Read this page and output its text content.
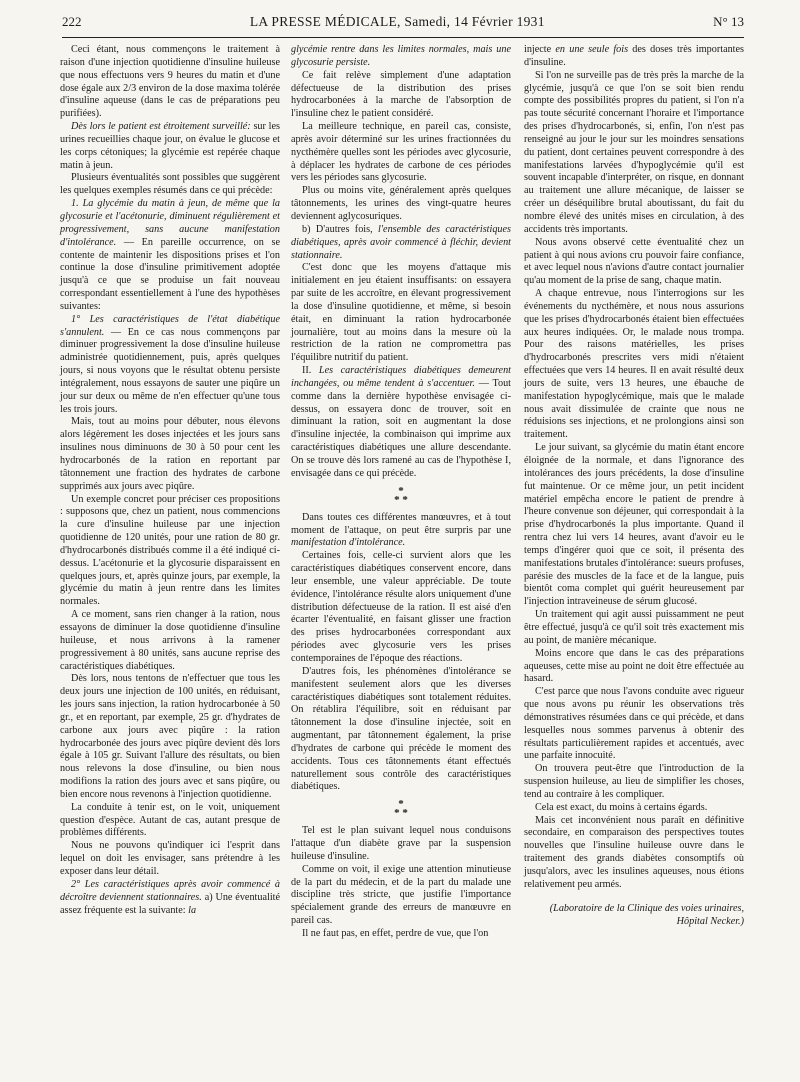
222	LA PRESSE MÉDICALE, Samedi, 14 Février 1931	N° 13

Ceci étant, nous commençons le traitement à raison d'une injection quotidienne d'insuline huileuse que nous effectuons vers 9 heures du matin et d'une dose égale aux 2/3 environ de la dose maxima tolérée d'insuline aqueuse (dans le cas de préparations peu purifiées).

Dès lors le patient est étroitement surveillé: sur les urines recueillies chaque jour, on évalue le glucose et les corps cétoniques; la glycémie est repérée chaque matin à jeun.

Plusieurs éventualités sont possibles que suggèrent les quelques exemples résumés dans ce qui précède:

1. La glycémie du matin à jeun, de même que la glycosurie et l'acétonurie, diminuent régulièrement et progressivement, sans aucune manifestation d'intolérance. — En pareille occurrence, on se contente de maintenir les dispositions prises et l'on continue la dose d'insuline primitivement adoptée jusqu'à ce que se produise un fait nouveau correspondant essentiellement à l'une des hypothèses suivantes:

1° Les caractéristiques de l'état diabétique s'annulent. — En ce cas nous commençons par diminuer progressivement la dose d'insuline huileuse administrée quotidiennement, puis, après quelques jours, si nous voyons que le résultat obtenu persiste intégralement, nous essayons de sauter une piqûre un jour sur deux ou même de n'en effectuer qu'une tous les trois jours.

Mais, tout au moins pour débuter, nous élevons alors légèrement les doses injectées et les jours sans insulines nous diminuons de 30 à 50 pour cent les hydrocarbonés de la ration en reportant par tâtonnement une fraction des hydrates de carbone supprimés aux jours avec piqûre.

Un exemple concret pour préciser ces propositions : supposons que, chez un patient, nous commencions la cure d'insuline huileuse par une injection quotidienne de 120 unités, pour une ration de 80 gr. d'hydrocarbonés distribués comme il a été indiqué ci-dessus. L'acétonurie et la glycosurie disparaissent en quelques jours, et, après quinze jours, par exemple, la glycémie du matin à jeun rentre dans les limites normales.

A ce moment, sans rien changer à la ration, nous essayons de diminuer la dose quotidienne d'insuline huileuse, et nous arrivons à la ramener progressivement à 80 unités, sans aucune reprise des caractéristiques diabétiques.

Dès lors, nous tentons de n'effectuer que tous les deux jours une injection de 100 unités, en réduisant, les jours sans injection, la ration hydrocarbonée à 50 gr., et en reportant, par exemple, 25 gr. d'hydrates de carbone aux jours avec piqûre : la ration hydrocarbonée des jours avec piqûre devient dès lors égale à 105 gr. Suivant l'allure des résultats, ou bien nous relevons la dose d'insuline, ou bien nous modifions la ration des jours avec et sans piqûre, ou bien encore nous revenons à l'injection quotidienne.

La conduite à tenir est, on le voit, uniquement question d'espèce. Autant de cas, autant presque de problèmes différents.

Nous ne pouvons qu'indiquer ici l'esprit dans lequel on doit les envisager, sans prétendre à les exposer dans leur détail.

2° Les caractéristiques après avoir commencé à décroître deviennent stationnaires. a) Une éventualité assez fréquente est la suivante: la

glycémie rentre dans les limites normales, mais une glycosurie persiste.

Ce fait relève simplement d'une adaptation défectueuse de la distribution des prises hydrocarbonées à la marche de l'absorption de l'insuline chez le patient considéré.

La meilleure technique, en pareil cas, consiste, après avoir déterminé sur les urines fractionnées du nycthémère quelles sont les périodes avec glycosurie, à déplacer les hydrates de carbone de ces périodes vers les périodes sans glycosurie.

Plus ou moins vite, généralement après quelques tâtonnements, les urines des vingt-quatre heures deviennent aglycosuriques.

b) D'autres fois, l'ensemble des caractéristiques diabétiques, après avoir commencé à fléchir, devient stationnaire.

C'est donc que les moyens d'attaque mis initialement en jeu étaient insuffisants: on essayera par suite de les accroître, en élevant progressivement la dose d'insuline quotidienne, et même, si besoin était, en diminuant la ration hydrocarbonée journalière, tout au moins dans la mesure où la restriction de la ration ne compromettra pas l'équilibre nutritif du patient.

II. Les caractéristiques diabétiques demeurent inchangées, ou même tendent à s'accentuer. — Tout comme dans la dernière hypothèse envisagée ci-dessus, on essayera donc de trouver, soit en diminuant la ration, soit en augmentant la dose d'insuline injectée, la combinaison qui imprime aux caractéristiques diabétiques une allure descendante. On se trouve dès lors ramené au cas de l'hypothèse I, envisagée dans ce qui précède.

*
* *

Dans toutes ces différentes manœuvres, et à tout moment de l'attaque, on peut être surpris par une manifestation d'intolérance.

Certaines fois, celle-ci survient alors que les caractéristiques diabétiques conservent encore, dans leur ensemble, une valeur appréciable. De toute évidence, l'intolérance résulte alors uniquement d'une distribution défectueuse de la ration. Il est aisé d'en écarter l'éventualité, en faisant glisser une fraction des prises hydrocarbonées correspondant aux périodes avec glycosurie vers les prises contemporaines de l'époque des réactions.

D'autres fois, les phénomènes d'intolérance se manifestent seulement alors que les diverses caractéristiques diabétiques sont totalement réduites. On rétablira l'équilibre, soit en réduisant par tâtonnement la dose d'insuline injectée, soit en augmentant, par tâtonnement également, la prise d'hydrates de carbone qui précède le moment des accidents. Tous ces tâtonnements étant effectués naturellement sous contrôle des caractéristiques diabétiques.

*
* *

Tel est le plan suivant lequel nous conduisons l'attaque d'un diabète grave par la suspension huileuse d'insuline.

Comme on voit, il exige une attention minutieuse de la part du médecin, et de la part du malade une discipline très stricte, que justifie l'importance spécialement grande des erreurs de manœuvre en pareil cas.

Il ne faut pas, en effet, perdre de vue, que l'on

injecte en une seule fois des doses très importantes d'insuline.

Si l'on ne surveille pas de très près la marche de la glycémie, jusqu'à ce que l'on se soit bien rendu compte des possibilités propres du patient, si l'on n'a pas toute sécurité concernant l'horaire et l'importance des prises d'hydrocarbonés, si, enfin, l'on n'est pas renseigné au jour le jour sur les moindres sensations du patient, dont certaines peuvent correspondre à des manifestations larvées d'hypoglycémie qu'il est souvent incapable d'interpréter, on risque, en donnant au traitement une allure mécanique, de laisser se créer un déséquilibre brutal aboutissant, du fait du nombre élevé des unités mises en circulation, à des accidents très importants.

Nous avons observé cette éventualité chez un patient à qui nous avions cru pouvoir faire confiance, et avec lequel nous n'avions d'autre contact journalier qu'au moment de la prise de sang, chaque matin.

A chaque entrevue, nous l'interrogions sur les événements du nycthémère, et nous nous assurions que les prises d'hydrocarbonés étaient bien effectuées aux heures indiquées. Or, le malade nous trompa. Pour des raisons matérielles, les prises d'hydrocarbonés prescrites vers midi n'étaient effectuées que vers 14 heures. Il en avait résulté deux jours de suite, vers 13 heures, une ébauche de manifestation hypoglycémique, mais que le malade nous avait dissimulée de crainte que nous ne réduisions ses injections, et ne prolongions ainsi son traitement.

Le jour suivant, sa glycémie du matin étant encore éloignée de la normale, et dans l'ignorance des intolérances des jours précédents, la dose d'insuline fut maintenue. Or ce même jour, un petit incident matériel empêcha encore le patient de prendre à l'heure convenue son déjeuner, qui correspondait à la prise d'hydrocarbonés la plus importante. Quand il rentra chez lui vers 14 heures, avant d'avoir eu le temps d'ingérer quoi que ce soit, il présenta des manifestations brutales d'intolérance: sueurs profuses, parésie des muscles de la face et de la langue, puis bientôt coma complet qui guérit heureusement par l'injection intraveineuse de sérum glucosé.

Un traitement qui agit aussi puissamment ne peut être effectué, jusqu'à ce qu'il soit très exactement mis au point, de manière mécanique.

Moins encore que dans le cas des préparations aqueuses, cette mise au point ne doit être effectuée au hasard.

C'est parce que nous l'avons conduite avec rigueur que nous avons pu réunir les observations très démonstratives résumées dans ce qui précède, et dans lesquelles nous sommes parvenus à obtenir des résultats particulièrement rapides et accentués, avec une parfaite innocuité.

On trouvera peut-être que l'introduction de la suspension huileuse, au lieu de simplifier les choses, tend au contraire à les compliquer.

Cela est exact, du moins à certains égards.

Mais cet inconvénient nous paraît en définitive secondaire, en comparaison des perspectives toutes nouvelles que l'insuline huileuse ouvre dans le traitement des grands diabètes consomptifs où jusqu'alors, avec les insulines aqueuses, nous étions relativement peu armés.

(Laboratoire de la Clinique des voies urinaires,
Hôpital Necker.)
